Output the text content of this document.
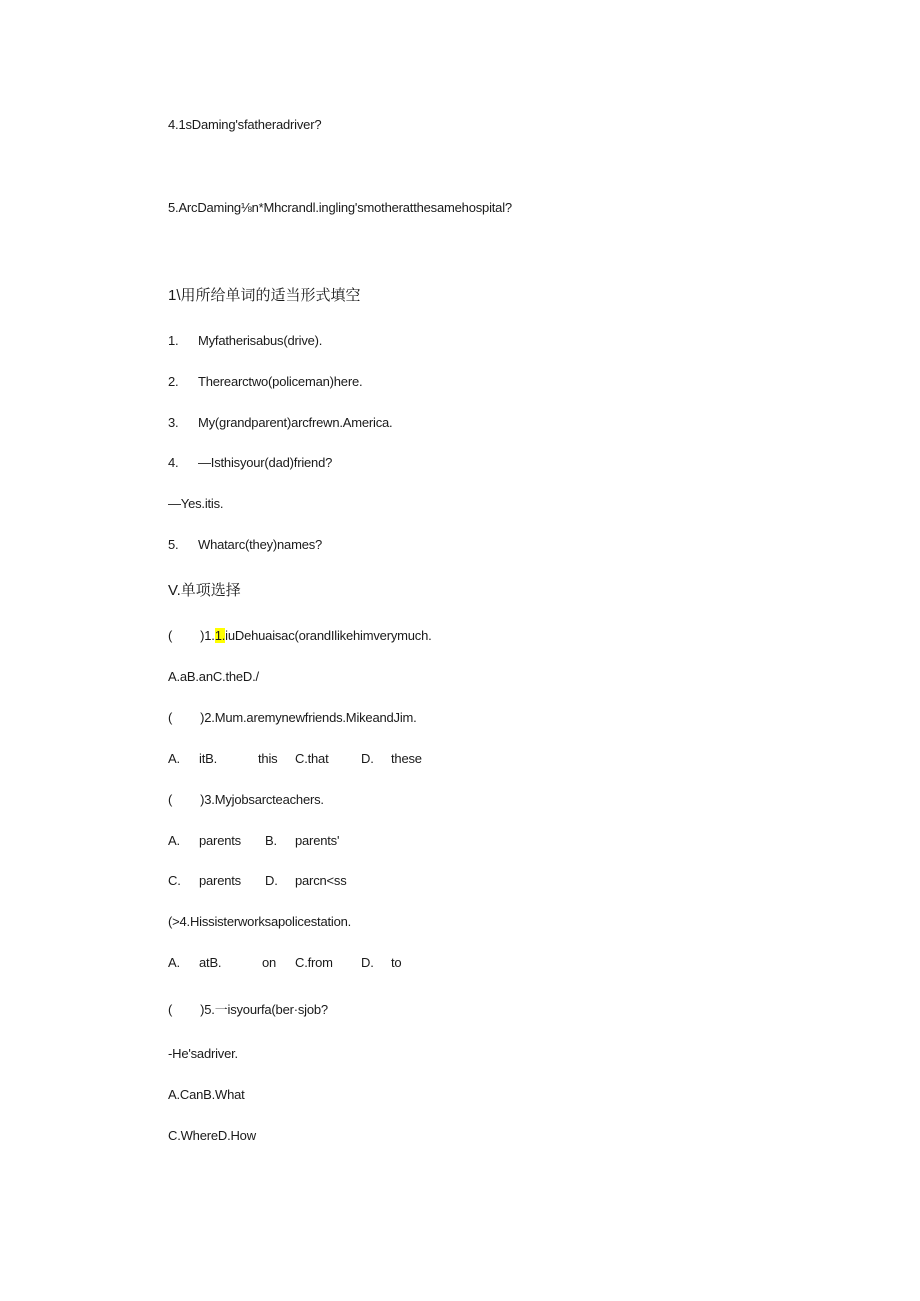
4.1sDaming'sfatheradriver?
5.ArcDaming⅛n*Mhcrandl.ingling'smotheratthesamehospital?
1\用所给单词的适当形式填空
1. Myfatherisabus(drive).
2. Therearctwo(policeman)here.
3. My(grandparent)arcfrewn.America.
4. —Isthisyour(dad)friend?
—Yes.itis.
5. Whatarc(they)names?
V.单项选择
( )1.1.iuDehuaisac(orandIlikehimverymuch.
A.aB.anC.theD./
( )2.Mum.aremynewfriends.MikeandJim.
A. itB.	this C.that	D. these
( )3.Myjobsarcteachers.
A. parents B. parents'
C. parents D. parcn<ss
(>4.Hissisterworksapolicestation.
A. atB.	on C.from D. to
( )5.一isyourfa(ber·sjob?
-He'sadriver.
A.CanB.What
C.WhereD.How
